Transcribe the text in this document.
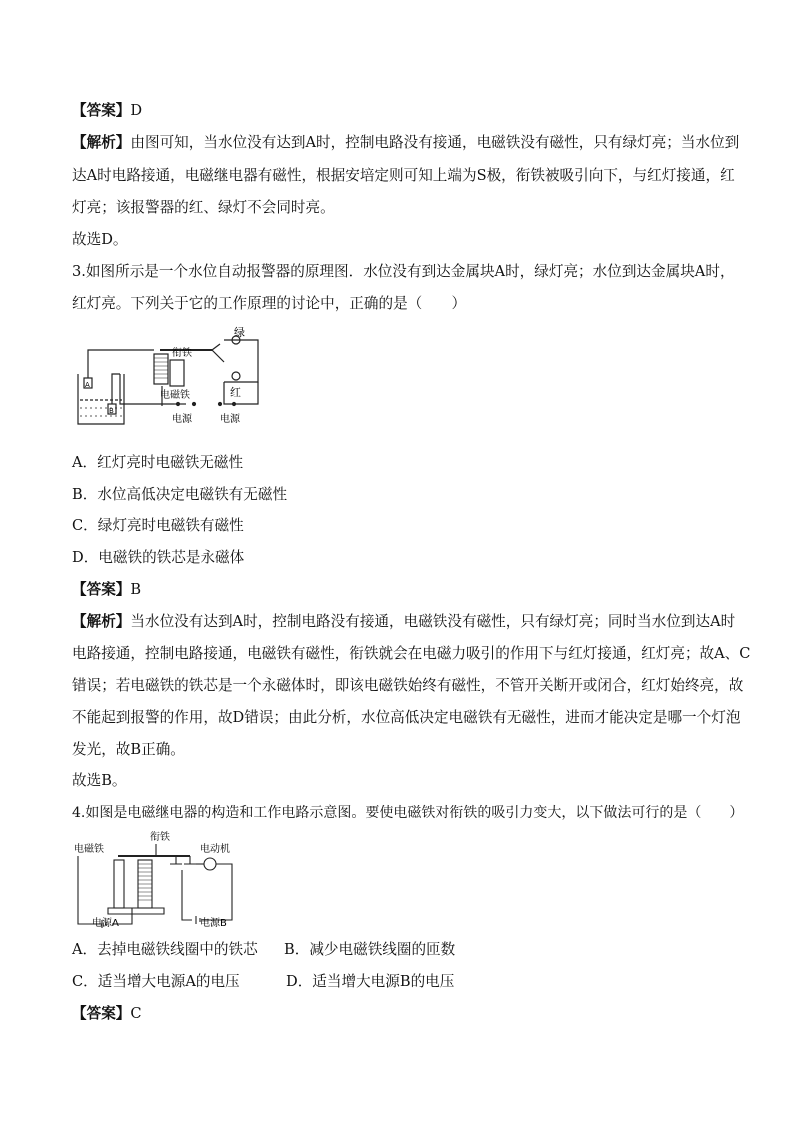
【答案】D
【解析】由图可知，当水位没有达到A时，控制电路没有接通，电磁铁没有磁性，只有绿灯亮；当水位到
达A时电路接通，电磁继电器有磁性，根据安培定则可知上端为S极，衔铁被吸引向下，与红灯接通，红
灯亮；该报警器的红、绿灯不会同时亮。
故选D。
3.如图所示是一个水位自动报警器的原理图．水位没有到达金属块A时，绿灯亮；水位到达金属块A时，
红灯亮。下列关于它的工作原理的讨论中，正确的是（　　）
绿
衔铁
红
电磁铁
电源	电源
A
B
A．红灯亮时电磁铁无磁性
B．水位高低决定电磁铁有无磁性
C．绿灯亮时电磁铁有磁性
D．电磁铁的铁芯是永磁体
【答案】B
【解析】当水位没有达到A时，控制电路没有接通，电磁铁没有磁性，只有绿灯亮；同时当水位到达A时
电路接通，控制电路接通，电磁铁有磁性，衔铁就会在电磁力吸引的作用下与红灯接通，红灯亮；故A、C
错误；若电磁铁的铁芯是一个永磁体时，即该电磁铁始终有磁性，不管开关断开或闭合，红灯始终亮，故
不能起到报警的作用，故D错误；由此分析，水位高低决定电磁铁有无磁性，进而才能决定是哪一个灯泡
发光，故B正确。
故选B。
4.如图是电磁继电器的构造和工作电路示意图。要使电磁铁对衔铁的吸引力变大，以下做法可行的是（　　）
衔铁
电磁铁	电动机
电源A	电源B
A．去掉电磁铁线圈中的铁芯 B．减少电磁铁线圈的匝数
C．适当增大电源A的电压	D．适当增大电源B的电压
【答案】C
